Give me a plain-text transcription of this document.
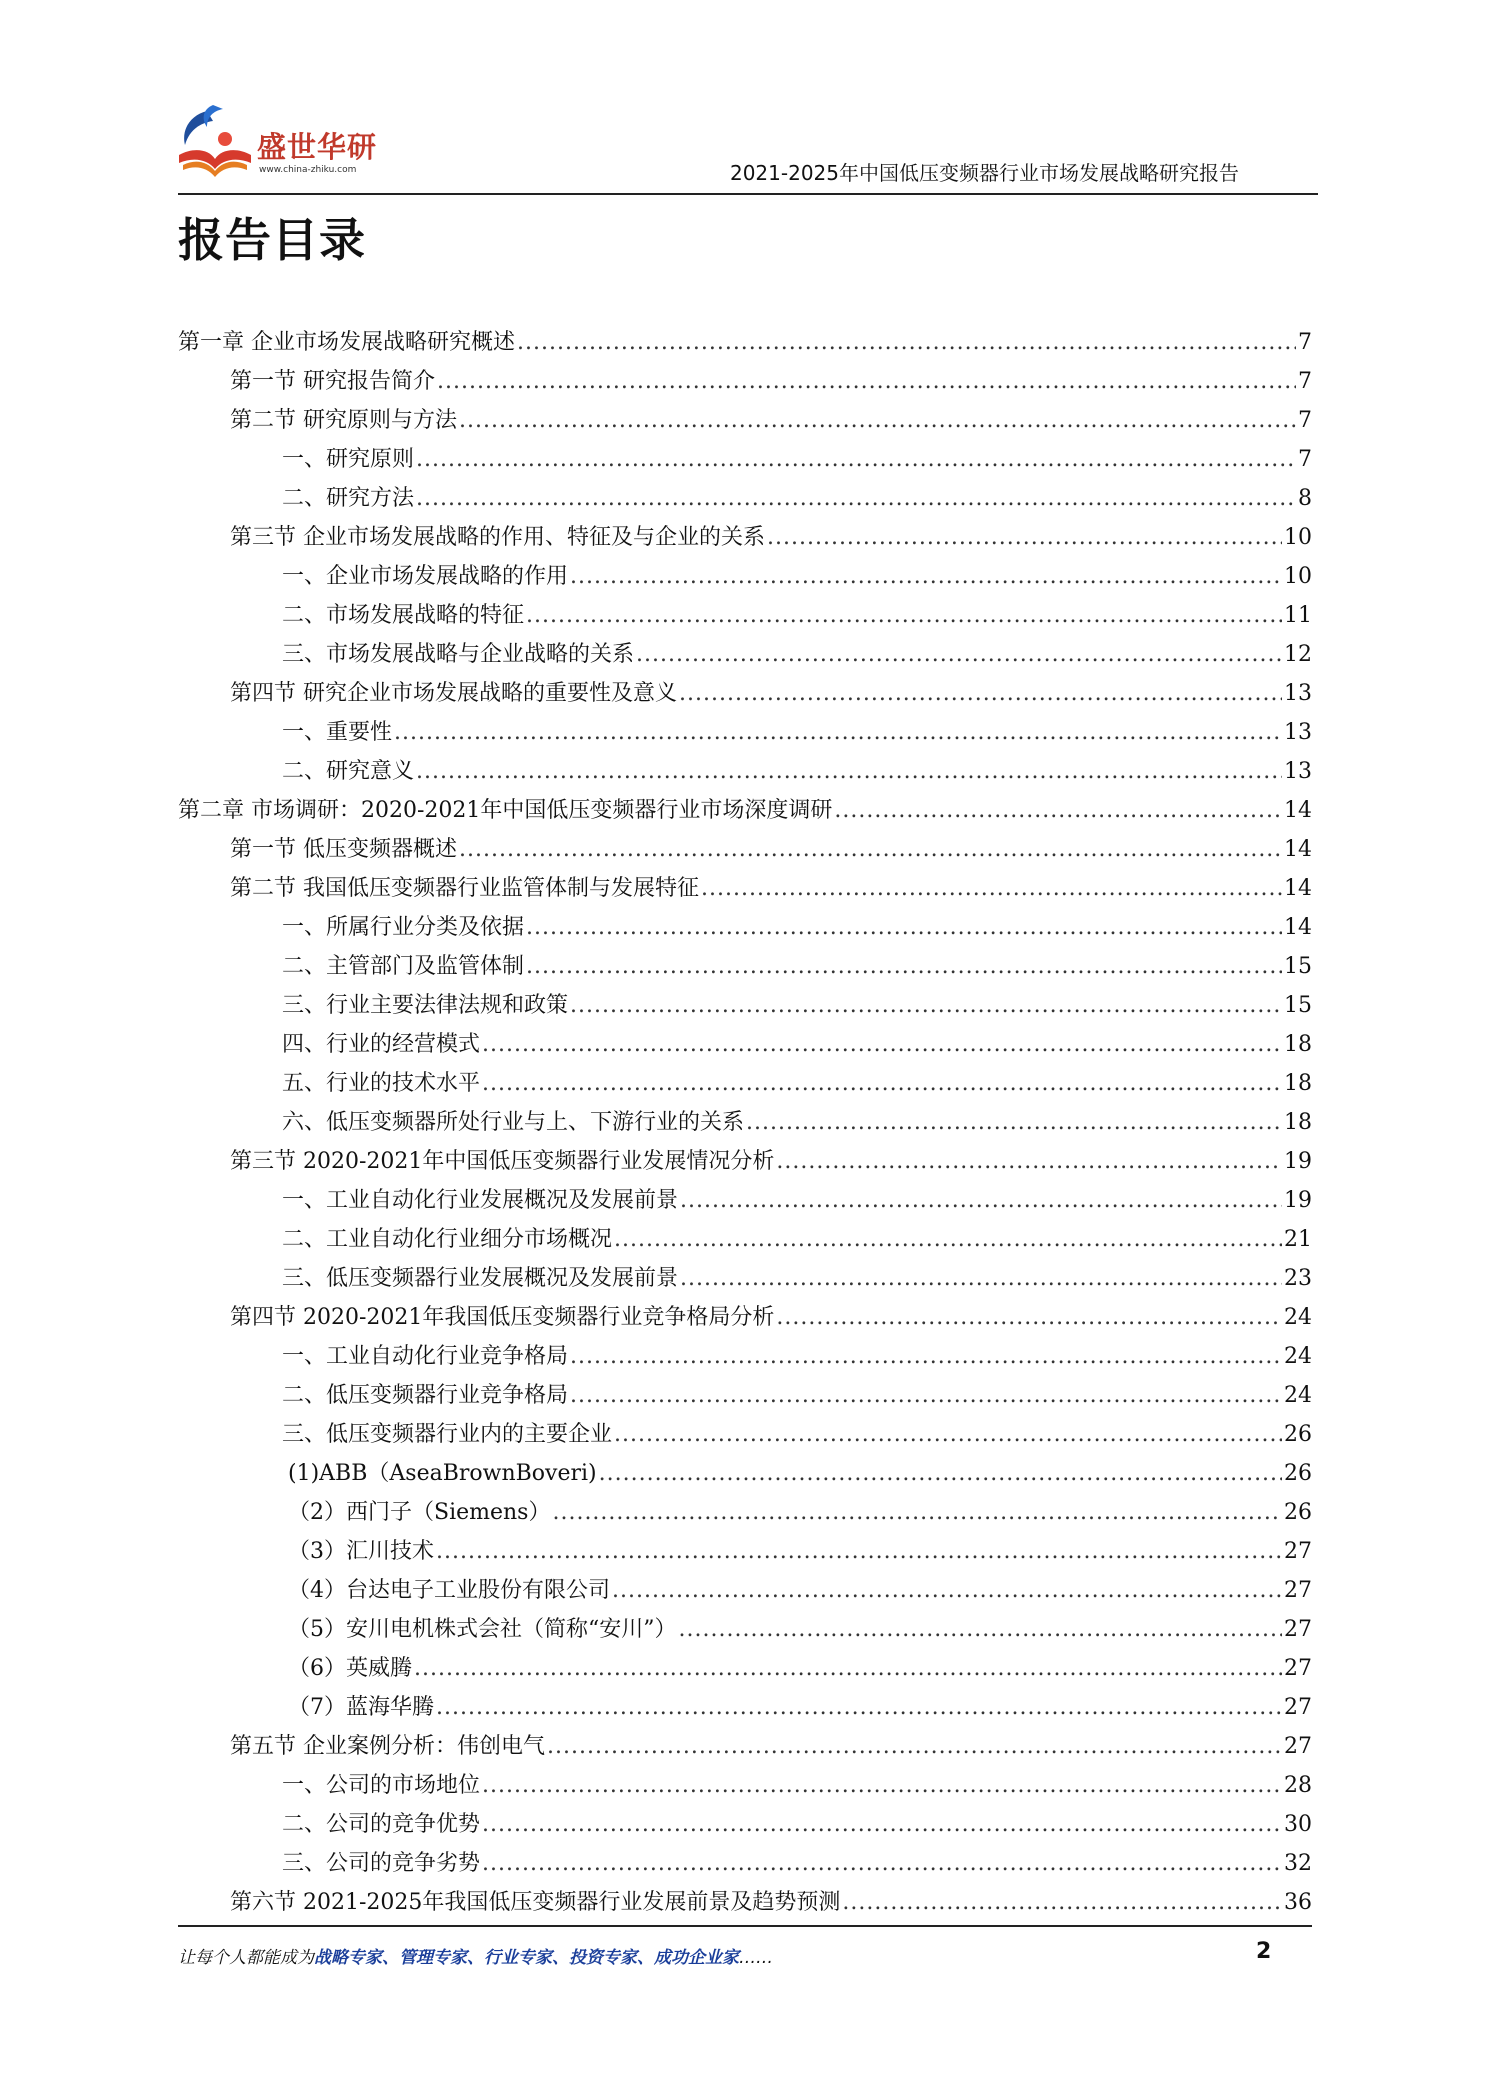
盛世华研
www.china-zhiku.com	2021-2025年中国低压变频器行业市场发展战略研究报告
报告目录
第一章 企业市场发展战略研究概述 .....	7
第一节 研究报告简介 .....	7
第二节 研究原则与方法 .....	7
一、研究原则 .....	7
二、研究方法 .....	8
第三节 企业市场发展战略的作用、特征及与企业的关系 .....	10
一、企业市场发展战略的作用 .....	10
二、市场发展战略的特征 .....	11
三、市场发展战略与企业战略的关系 .....	12
第四节 研究企业市场发展战略的重要性及意义 .....	13
一、重要性 .....	13
二、研究意义 .....	13
第二章 市场调研：2020-2021年中国低压变频器行业市场深度调研 .....	14
第一节 低压变频器概述 .....	14
第二节 我国低压变频器行业监管体制与发展特征 .....	14
一、所属行业分类及依据 .....	14
二、主管部门及监管体制 .....	15
三、行业主要法律法规和政策 .....	15
四、行业的经营模式 .....	18
五、行业的技术水平 .....	18
六、低压变频器所处行业与上、下游行业的关系 .....	18
第三节 2020-2021年中国低压变频器行业发展情况分析 .....	19
一、工业自动化行业发展概况及发展前景 .....	19
二、工业自动化行业细分市场概况 .....	21
三、低压变频器行业发展概况及发展前景 .....	23
第四节 2020-2021年我国低压变频器行业竞争格局分析 .....	24
一、工业自动化行业竞争格局 .....	24
二、低压变频器行业竞争格局 .....	24
三、低压变频器行业内的主要企业 .....	26
(1)ABB（AseaBrownBoveri) .....	26
（2）西门子（Siemens） .....	26
（3）汇川技术 .....	27
（4）台达电子工业股份有限公司 .....	27
（5）安川电机株式会社（简称“安川”） .....	27
（6）英威腾 .....	27
（7）蓝海华腾 .....	27
第五节 企业案例分析：伟创电气 .....	27
一、公司的市场地位 .....	28
二、公司的竞争优势 .....	30
三、公司的竞争劣势 .....	32
第六节 2021-2025年我国低压变频器行业发展前景及趋势预测 .....	36
让每个人都能成为战略专家、管理专家、行业专家、投资专家、成功企业家……	2
